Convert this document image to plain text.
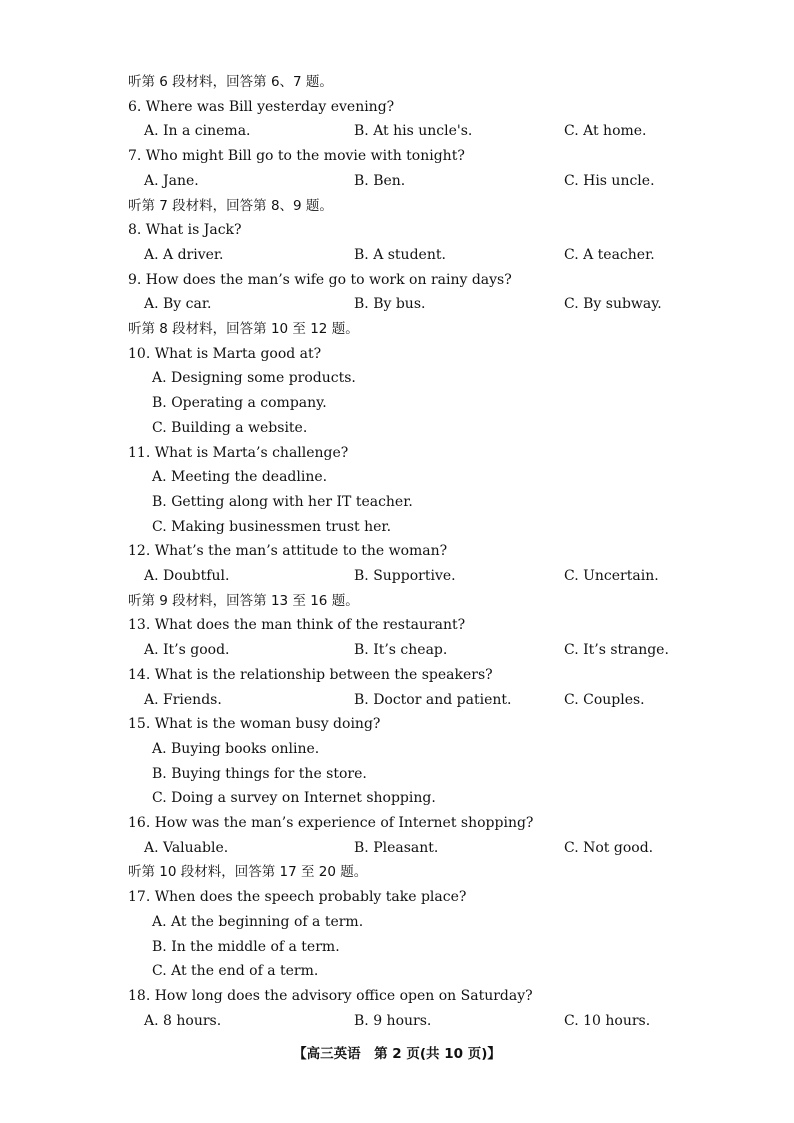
听第 6 段材料，回答第 6、7 题。
6. Where was Bill yesterday evening?
A. In a cinema.	B. At his uncle's.	C. At home.
7. Who might Bill go to the movie with tonight?
A. Jane.	B. Ben.	C. His uncle.
听第 7 段材料，回答第 8、9 题。
8. What is Jack?
A. A driver.	B. A student.	C. A teacher.
9. How does the man’s wife go to work on rainy days?
A. By car.	B. By bus.	C. By subway.
听第 8 段材料，回答第 10 至 12 题。
10. What is Marta good at?
A. Designing some products.
B. Operating a company.
C. Building a website.
11. What is Marta’s challenge?
A. Meeting the deadline.
B. Getting along with her IT teacher.
C. Making businessmen trust her.
12. What’s the man’s attitude to the woman?
A. Doubtful.	B. Supportive.	C. Uncertain.
听第 9 段材料，回答第 13 至 16 题。
13. What does the man think of the restaurant?
A. It’s good.	B. It’s cheap.	C. It’s strange.
14. What is the relationship between the speakers?
A. Friends.	B. Doctor and patient.	C. Couples.
15. What is the woman busy doing?
A. Buying books online.
B. Buying things for the store.
C. Doing a survey on Internet shopping.
16. How was the man’s experience of Internet shopping?
A. Valuable.	B. Pleasant.	C. Not good.
听第 10 段材料，回答第 17 至 20 题。
17. When does the speech probably take place?
A. At the beginning of a term.
B. In the middle of a term.
C. At the end of a term.
18. How long does the advisory office open on Saturday?
A. 8 hours.	B. 9 hours.	C. 10 hours.
【高三英语　第 2 页(共 10 页)】
